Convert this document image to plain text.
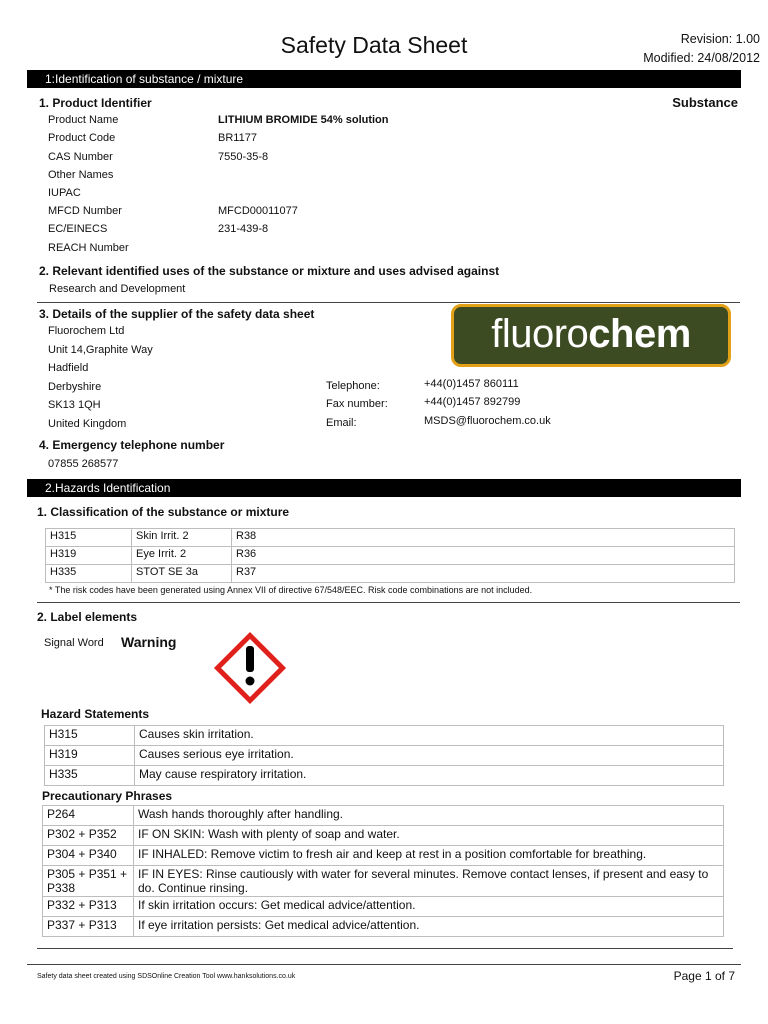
Safety Data Sheet	Revision: 1.00
Modified: 24/08/2012
1:Identification of substance / mixture
1. Product Identifier	Substance
Product Name	LITHIUM BROMIDE 54% solution
Product Code	BR1177
CAS Number	7550-35-8
Other Names
IUPAC
MFCD Number	MFCD00011077
EC/EINECS	231-439-8
REACH Number
2. Relevant identified uses of the substance or mixture and uses advised against
Research and Development
3. Details of the supplier of the safety data sheet
Fluorochem Ltd
Unit 14,Graphite Way
Hadfield
Derbyshire
SK13 1QH
United Kingdom
Telephone:	+44(0)1457 860111
Fax number:	+44(0)1457 892799
Email:	MSDS@fluorochem.co.uk
fluorochem
4. Emergency telephone number
07855 268577
2.Hazards Identification
1. Classification of the substance or mixture
H315	Skin Irrit. 2	R38
H319	Eye Irrit. 2	R36
H335	STOT SE 3a	R37
* The risk codes have been generated using Annex VII of directive 67/548/EEC. Risk code combinations are not included.
2. Label elements
Signal Word Warning
Hazard Statements
H315	Causes skin irritation.
H319	Causes serious eye irritation.
H335	May cause respiratory irritation.
Precautionary Phrases
P264	Wash hands thoroughly after handling.
P302 + P352	IF ON SKIN: Wash with plenty of soap and water.
P304 + P340	IF INHALED: Remove victim to fresh air and keep at rest in a position comfortable for breathing.
P305 + P351 + P338	IF IN EYES: Rinse cautiously with water for several minutes. Remove contact lenses, if present and easy to do. Continue rinsing.
P332 + P313	If skin irritation occurs: Get medical advice/attention.
P337 + P313	If eye irritation persists: Get medical advice/attention.
Safety data sheet created using SDSOnline Creation Tool www.hanksolutions.co.uk	Page 1 of 7
